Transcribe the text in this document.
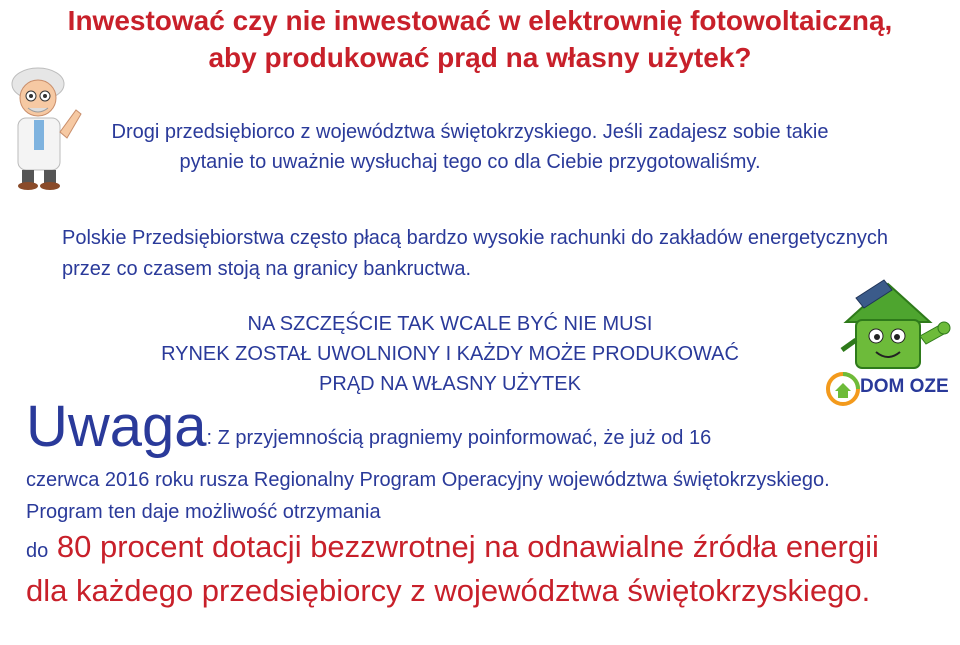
Inwestować czy nie inwestować w elektrownię fotowoltaiczną, aby produkować prąd na własny użytek?
Drogi przedsiębiorco z województwa świętokrzyskiego. Jeśli zadajesz sobie takie pytanie to uważnie wysłuchaj tego co dla Ciebie przygotowaliśmy.
Polskie Przedsiębiorstwa często płacą bardzo wysokie rachunki do zakładów energetycznych przez co czasem stoją na granicy bankructwa.
NA SZCZĘŚCIE TAK WCALE BYĆ NIE MUSI
RYNEK ZOSTAŁ UWOLNIONY I KAŻDY MOŻE PRODUKOWAĆ
PRĄD NA WŁASNY UŻYTEK	DOM OZE
Uwaga: Z przyjemnością pragniemy poinformować, że już od 16
czerwca 2016 roku rusza Regionalny Program Operacyjny województwa świętokrzyskiego. Program ten daje możliwość otrzymania
do 80 procent dotacji bezzwrotnej na odnawialne źródła energii dla każdego przedsiębiorcy z województwa świętokrzyskiego.
